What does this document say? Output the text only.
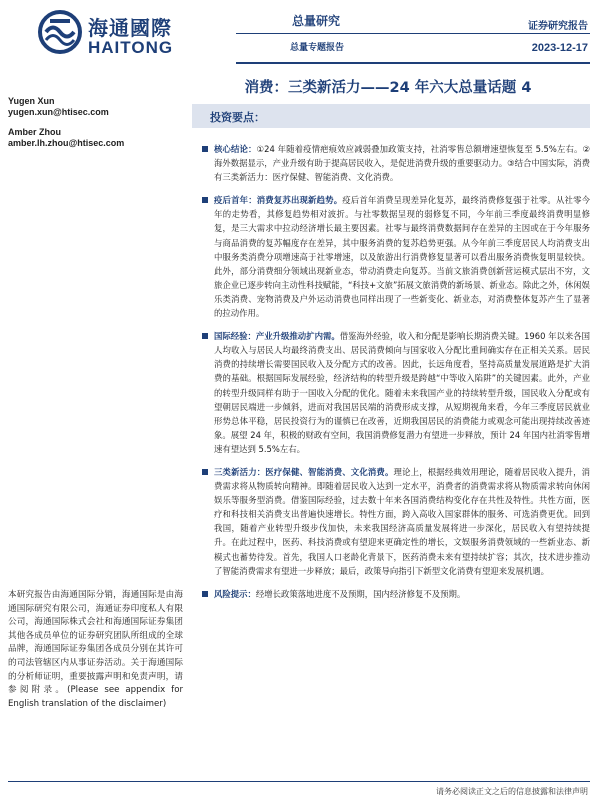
海通國際
HAITONG
总量研究
总量专题报告
证券研究报告
2023-12-17
消费：三类新活力——24 年六大总量话题 4
Yugen Xun
yugen.xun@htisec.com
Amber Zhou
amber.lh.zhou@htisec.com
投资要点：
核心结论：①24 年随着疫情疤痕效应减弱叠加政策支持，社消零售总额增速望恢复至 5.5%左右。②海外数据显示，产业升级有助于提高居民收入，是促进消费升级的重要驱动力。③结合中国实际，消费有三类新活力：医疗保健、智能消费、文化消费。
疫后首年：消费复苏出现新趋势。疫后首年消费呈现差异化复苏，最终消费修复强于社零。从社零今年的走势看，其修复趋势相对波折。与社零数据呈现的弱修复不同，今年前三季度最终消费明显修复，是三大需求中拉动经济增长最主要因素。社零与最终消费数据间存在差异的主因或在于今年服务与商品消费的复苏幅度存在差异，其中服务消费的复苏趋势更强。从今年前三季度居民人均消费支出中服务类消费分项增速高于社零增速，以及旅游出行消费修复显著可以看出服务消费恢复明显较快。此外，部分消费细分领域出现新业态，带动消费走向复苏。当前文旅消费创新营运模式层出不穷，文旅企业已逐步转向主动性科技赋能，“科技+文旅”拓展文旅消费的新场景、新业态。除此之外，休闲娱乐类消费、宠物消费及户外运动消费也同样出现了一些新变化、新业态，对消费整体复苏产生了显著的拉动作用。
国际经验：产业升级推动扩内需。借鉴海外经验，收入和分配是影响长期消费关键。1960 年以来各国人均收入与居民人均最终消费支出、居民消费倾向与国家收入分配比重间确实存在正相关关系。居民消费的持续增长需要国民收入及分配方式的改善。因此，长远角度看，坚持高质量发展道路是扩大消费的基础。根据国际发展经验，经济结构的转型升级是跨越“中等收入陷阱”的关键因素。此外，产业的转型升级同样有助于一国收入分配的优化。随着未来我国产业的持续转型升级，国民收入分配或有望朝居民端进一步倾斜，进而对我国居民端的消费形成支撑，从短期视角来看，今年三季度居民就业形势总体平稳，居民投资行为的谨慎已在改善，近期我国居民的消费能力或观念可能出现持续改善迹象。展望 24 年，积极的财政有空间，我国消费修复潜力有望进一步释放，预计 24 年国内社消零售增速有望达到 5.5%左右。
三类新活力：医疗保健、智能消费、文化消费。理论上，根据经典效用理论，随着居民收入提升，消费需求将从物质转向精神。即随着居民收入达到一定水平，消费者的消费需求将从物质需求转向休闲娱乐等服务型消费。借鉴国际经验，过去数十年来各国消费结构变化存在共性及特性。共性方面，医疗和科技相关消费支出普遍快速增长。特性方面，跨入高收入国家群体的服务、可选消费更优。回到我国，随着产业转型升级步伐加快，未来我国经济高质量发展将进一步深化，居民收入有望持续提升。在此过程中，医药、科技消费或有望迎来更确定性的增长，文娱服务消费领域的一些新业态、新模式也蓄势待发。首先，我国人口老龄化背景下，医药消费未来有望持续扩容；其次，技术进步推动了智能消费需求有望进一步释放；最后，政策导向指引下新型文化消费有望迎来发展机遇。
风险提示：经增长政策落地进度不及预期，国内经济修复不及预期。
本研究报告由海通国际分销，海通国际是由海通国际研究有限公司，海通证券印度私人有限公司，海通国际株式会社和海通国际证券集团其他各成员单位的证券研究团队所组成的全球品牌，海通国际证券集团各成员分别在其许可的司法管辖区内从事证券活动。关于海通国际的分析师证明，重要披露声明和免责声明，请参阅附录。(Please see appendix for English translation of the disclaimer)
请务必阅读正文之后的信息披露和法律声明
